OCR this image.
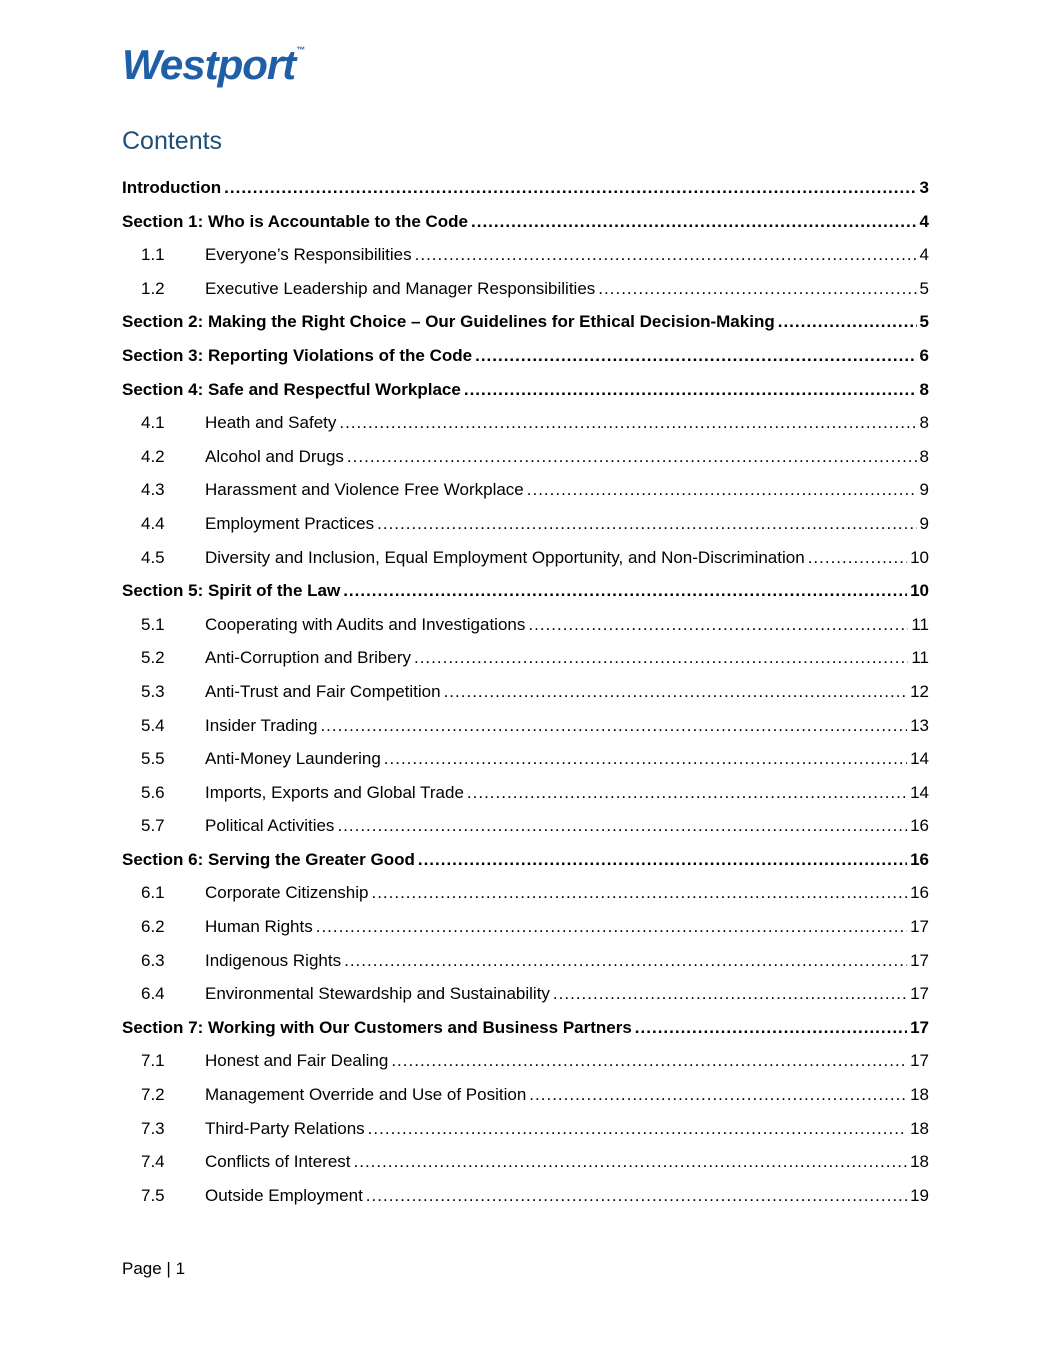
Westport™
Contents
Introduction .....	3
Section 1: Who is Accountable to the Code .....	4
1.1	Everyone’s Responsibilities .....	4
1.2	Executive Leadership and Manager Responsibilities .....	5
Section 2: Making the Right Choice – Our Guidelines for Ethical Decision-Making .....	5
Section 3: Reporting Violations of the Code .....	6
Section 4: Safe and Respectful Workplace .....	8
4.1	Heath and Safety .....	8
4.2	Alcohol and Drugs .....	8
4.3	Harassment and Violence Free Workplace .....	9
4.4	Employment Practices .....	9
4.5	Diversity and Inclusion, Equal Employment Opportunity, and Non-Discrimination .....	10
Section 5: Spirit of the Law .....	10
5.1	Cooperating with Audits and Investigations .....	11
5.2	Anti-Corruption and Bribery .....	11
5.3	Anti-Trust and Fair Competition .....	12
5.4	Insider Trading .....	13
5.5	Anti-Money Laundering .....	14
5.6	Imports, Exports and Global Trade .....	14
5.7	Political Activities .....	16
Section 6: Serving the Greater Good .....	16
6.1	Corporate Citizenship .....	16
6.2	Human Rights .....	17
6.3	Indigenous Rights .....	17
6.4	Environmental Stewardship and Sustainability .....	17
Section 7: Working with Our Customers and Business Partners .....	17
7.1	Honest and Fair Dealing .....	17
7.2	Management Override and Use of Position .....	18
7.3	Third-Party Relations .....	18
7.4	Conflicts of Interest .....	18
7.5	Outside Employment .....	19
Page | 1
